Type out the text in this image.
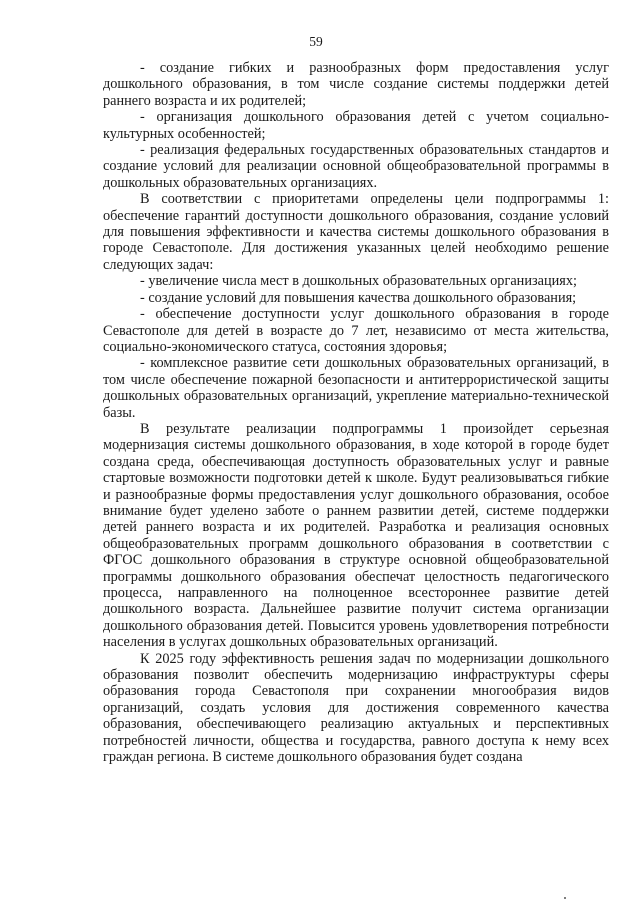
59

- создание гибких и разнообразных форм предоставления услуг дошкольного образования, в том числе создание системы поддержки детей раннего возраста и их родителей;

- организация дошкольного образования детей с учетом социально-культурных особенностей;

- реализация федеральных государственных образовательных стандартов и создание условий для реализации основной общеобразовательной программы в дошкольных образовательных организациях.

В соответствии с приоритетами определены цели подпрограммы 1: обеспечение гарантий доступности дошкольного образования, создание условий для повышения эффективности и качества системы дошкольного образования в городе Севастополе. Для достижения указанных целей необходимо решение следующих задач:

- увеличение числа мест в дошкольных образовательных организациях;

- создание условий для повышения качества дошкольного образования;

- обеспечение доступности услуг дошкольного образования в городе Севастополе для детей в возрасте до 7 лет, независимо от места жительства, социально-экономического статуса, состояния здоровья;

- комплексное развитие сети дошкольных образовательных организаций, в том числе обеспечение пожарной безопасности и антитеррористической защиты дошкольных образовательных организаций, укрепление материально-технической базы.

В результате реализации подпрограммы 1 произойдет серьезная модернизация системы дошкольного образования, в ходе которой в городе будет создана среда, обеспечивающая доступность образовательных услуг и равные стартовые возможности подготовки детей к школе. Будут реализовываться гибкие и разнообразные формы предоставления услуг дошкольного образования, особое внимание будет уделено заботе о раннем развитии детей, системе поддержки детей раннего возраста и их родителей. Разработка и реализация основных общеобразовательных программ дошкольного образования в соответствии с ФГОС дошкольного образования в структуре основной общеобразовательной программы дошкольного образования обеспечат целостность педагогического процесса, направленного на полноценное всестороннее развитие детей дошкольного возраста. Дальнейшее развитие получит система организации дошкольного образования детей. Повысится уровень удовлетворения потребности населения в услугах дошкольных образовательных организаций.

К 2025 году эффективность решения задач по модернизации дошкольного образования позволит обеспечить модернизацию инфраструктуры сферы образования города Севастополя при сохранении многообразия видов организаций, создать условия для достижения современного качества образования, обеспечивающего реализацию актуальных и перспективных потребностей личности, общества и государства, равного доступа к нему всех граждан региона. В системе дошкольного образования будет создана
